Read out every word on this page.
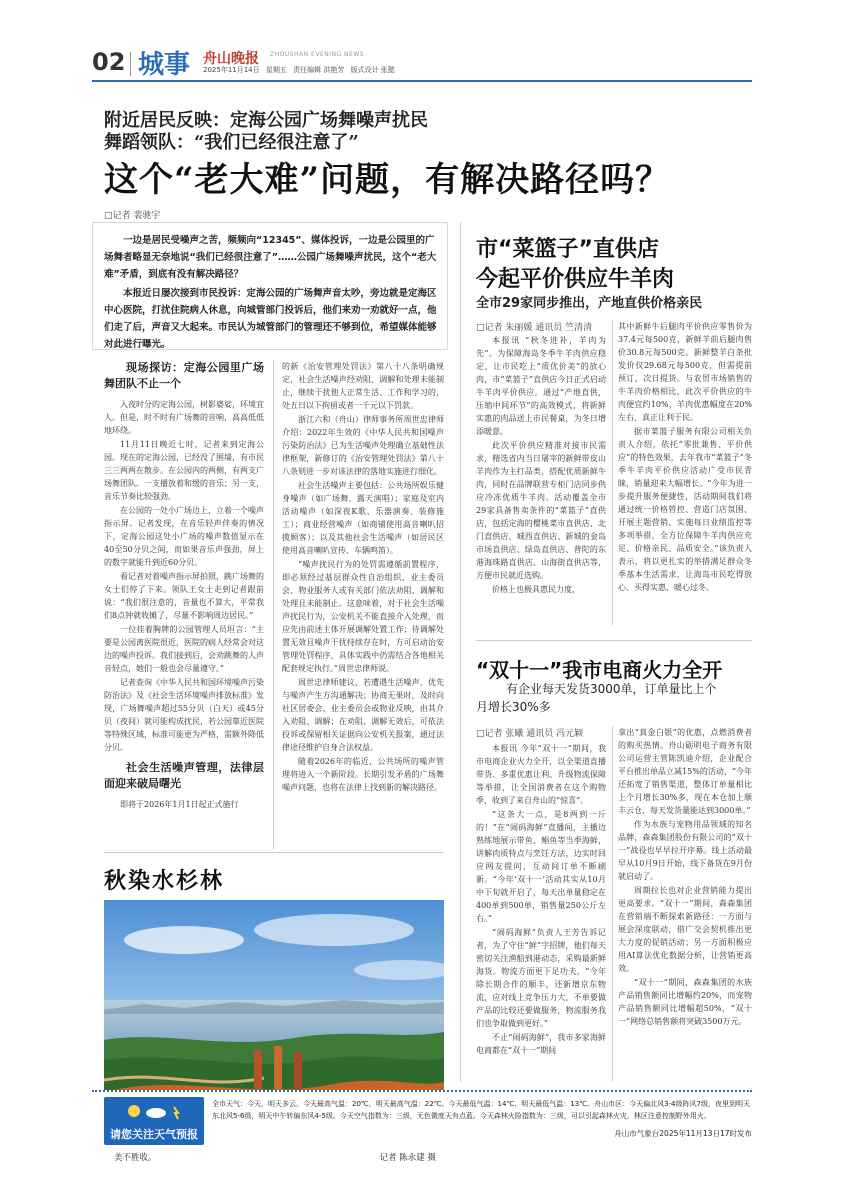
02 城事 舟山晚报 ZHOUSHAN EVENING NEWS
2025年11月14日 星期五 责任编辑 洪艳芳 版式设计 张懿
附近居民反映：定海公园广场舞噪声扰民
舞蹈领队：“我们已经很注意了”
这个“老大难”问题，有解决路径吗？
□记者 裴驰宇

一边是居民受噪声之苦，频频向“12345”、媒体投诉，一边是公园里的广场舞者略显无奈地说“我们已经很注意了”……公园广场舞噪声扰民，这个“老大难”矛盾，到底有没有解决路径？

本报近日屡次接到市民投诉：定海公园的广场舞声音太吵，旁边就是定海区中心医院，打扰住院病人休息，向城管部门投诉后，他们来劝一劝就好一点，他们走了后，声音又大起来。市民认为城管部门的管理还不够到位，希望媒体能够对此进行曝光。

现场探访：定海公园里广场舞团队不止一个

入夜时分的定海公园，树影婆娑，环境宜人。但是，时不时有广场舞的音响，高高低低地环绕。

11月11日晚近七时，记者来到定海公园。现在的定海公园，已经没了围墙，有市民三三两两在散步。在公园内的两侧，有两支广场舞团队。一支播放着和缓的音乐；另一支，音乐节奏比较强劲。

在公园的一处小广场边上，立着一个噪声指示屏。记者发现，在音乐轻声伴奏的情况下，定海公园这处小广场的噪声数值显示在40至50分贝之间，而如果音乐声强劲，屏上的数字就能升到近60分贝。

看记者对着噪声指示屏拍照，跳广场舞的女士们停了下来。领队王女士走到记者跟前说：“我们很注意的，音量也不算大，平常我们8点钟就收摊了，尽量不影响周边居民。”

一位挂着胸牌的公园管理人员坦言：“主要是公园离医院很近，医院的病人经常会对这边的噪声投诉。我们接到后，会劝跳舞的人声音轻点，她们一般也会尽量遵守。”

记者查询《中华人民共和国环境噪声污染防治法》及《社会生活环境噪声排放标准》发现，广场舞噪声超过55分贝（白天）或45分贝（夜间）就可能构成扰民，若公园靠近医院等特殊区域，标准可能更为严格，需额外降低分贝。

社会生活噪声管理，法律层面迎来破局曙光

即将于2026年1月1日起正式施行

的新《治安管理处罚法》第八十八条明确规定，社会生活噪声经劝阻、调解和处理未能制止，继续干扰他人正常生活、工作和学习的，处五日以下拘留或者一千元以下罚款。

浙江六和（舟山）律师事务所周世忠律师介绍：2022年生效的《中华人民共和国噪声污染防治法》已为生活噪声处理确立基础性法律框架，新修订的《治安管理处罚法》第八十八条则进一步对该法律的落地实施进行细化。

社会生活噪声主要包括：公共场所娱乐健身噪声（如广场舞、露天演唱）；家庭及室内活动噪声（如深夜K歌、乐器演奏、装修施工）；商业经营噪声（如商铺使用高音喇叭招揽顾客）；以及其他社会生活噪声（如居民区使用高音喇叭宣传、车辆鸣笛）。

“噪声扰民行为的处罚需遵循前置程序，即必须经过基层群众性自治组织、业主委员会、物业服务人或有关部门依法劝阻、调解和处理且未能制止。这意味着，对于社会生活噪声扰民行为，公安机关不能直接介入处理，而应先由前述主体开展调解处置工作；待调解处置无效且噪声干扰持续存在时，方可启动治安管理处罚程序，具体实践中仍需结合各地相关配套规定执行。”周世忠律师说。

周世忠律师建议，若遭遇生活噪声，优先与噪声产生方沟通解决；协商无果时，及时向社区居委会、业主委员会或物业反映，由其介入劝阻、调解；在劝阻、调解无效后，可依法投诉或保留相关证据向公安机关报案，通过法律途径维护自身合法权益。

随着2026年的临近，公共场所的噪声管理将进入一个新阶段。长期引发矛盾的广场舞噪声问题，也将在法律上找到新的解决路径。

秋染水杉林
美不胜收。	记者 陈永建 摄
市“菜篮子”直供店
今起平价供应牛羊肉
全市29家同步推出，产地直供价格亲民
□记者 朱丽媛 通讯员 竺清清

本报讯 “秋冬进补，羊肉为先”。为保障海岛冬季牛羊肉供应稳定，让市民吃上“质优价美”的放心肉，市“菜篮子”直供店今日正式启动牛羊肉平价供应。通过“产地直供，压缩中间环节”的高效模式，将新鲜实惠的肉品送上市民餐桌，为冬日增添暖意。

此次平价供应精准对接市民需求，精选省内当日屠宰的新鲜带皮山羊肉作为主打品类，搭配优质新鲜牛肉，同时在品牌联营专柜门店同步供应冷冻优质牛羊肉。活动覆盖全市29家具备售卖条件的“菜篮子”直供店，包括定海的樱桃菜市直供店、北门直供店、城西直供店、新城的金岛市场直供店、绿岛直供店、普陀的东港海珠路直供店、山海街直供店等，方便市民就近选购。

价格上也极具惠民力度，

其中新鲜牛后腿肉平价供应零售价为37.4元每500克，新鲜羊前后腿肉售价30.8元每500克。新鲜整羊白条批发价仅29.68元每500克，但需提前预订，次日提货。与农贸市场销售的牛羊肉价格相比，此次平价供应的牛肉便宜约10%，羊肉优惠幅度在20%左右，真正让利于民。

据市菜篮子服务有限公司相关负责人介绍，依托“零批兼售、平价供应”的特色效果，去年我市“菜篮子”冬季牛羊肉平价供应活动广受市民青睐，销量迎来大幅增长。“今年为进一步提升服务便捷性，活动期间我们将通过统一价格管控、营造门店氛围、开展主题营销、实施每日业绩监控等多项举措，全方位保障牛羊肉供应充足、价格亲民、品质安全。”该负责人表示，将以更扎实的举措满足群众冬季基本生活需求，让海岛市民吃得放心、买得实惠、暖心过冬。

“双十一”我市电商火力全开
有企业每天发货3000单，订单量比上个
月增长30%多
□记者 张曦 通讯员 冯元颖

本报讯 今年“双十一”期间，我市电商企业火力全开，以全渠道直播带货、多重优惠让利、升级物流保障等举措，让全国消费者在这个购物季，收到了来自舟山的“惊喜”。

“这条大一点，是8两到一斤的！”在“闹码海鲜”直播间，主播边熟练地展示带鱼、鲳鱼等当季海鲜，讲解肉质特点与烹饪方法，边实时回应网友提问，互动间订单不断刷新。“今年‘双十一’活动其实从10月中下旬就开启了，每天出单量稳定在400单到500单，销售量250公斤左右。”

“闹码海鲜”负责人王芳告诉记者，为了守住“鲜”字招牌，他们每天密切关注渔船到港动态，采购最新鲜海货。物流方面更下足功夫，“今年除长期合作的顺丰，还新增京东物流，应对线上竞争压力大，不单要做产品的比较还要做服务，物流服务我们也争取做到更好。”

不止“闹码海鲜”，我市多家海鲜电商都在“双十一”期间

拿出“真金白银”的优惠，点燃消费者的购买热情。舟山砺明电子商务有限公司运营主管陈凯迪介绍，企业配合平台推出单品立减15%的活动，“今年还拓宽了销售渠道，整体订单量相比上个月增长30%多，现在本仓加上顺丰云仓，每天发货量能达到3000单。”

作为水族与宠物用品领域的知名品牌，森森集团股份有限公司的“双十一”战役也早早拉开序幕。线上活动最早从10月9日开始，线下备货在9月份就启动了。

周期拉长也对企业营销能力提出更高要求。“双十一”期间，森森集团在营销端不断探索新路径：一方面与展会深度联动，借广交会契机推出更大力度的促销活动；另一方面积极应用AI算法优化数据分析，让营销更高效。

“双十一”期间，森森集团的水族产品销售额同比增幅约20%，而宠物产品销售额同比增幅超50%，“双十一”网络总销售额将突破3500万元。

请您关注天气预报
全市天气：今天，明天多云。今天最高气温：20℃，明天最高气温：22℃。今天最低气温：14℃，明天最低气温：13℃。舟山市区：今天偏北风3-4级阵风7级，夜里到明天东北风5-6级，明天中午转偏东风4-5级。今天空气指数为：三级，无色微度天有点蓝。今天森林火险指数为：三级，可以引起森林火灾，林区注意控制野外用火。
舟山市气象台2025年11月13日17时发布
